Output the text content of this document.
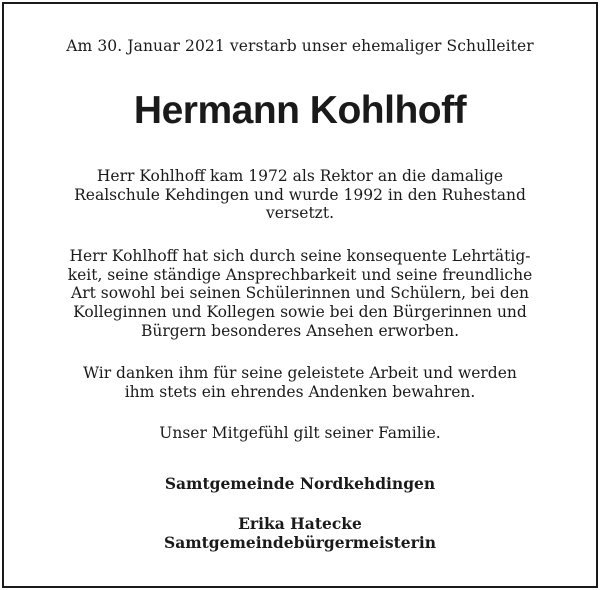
Am 30. Januar 2021 verstarb unser ehemaliger Schulleiter
Hermann Kohlhoff
Herr Kohlhoff kam 1972 als Rektor an die damalige
Realschule Kehdingen und wurde 1992 in den Ruhestand
versetzt.
Herr Kohlhoff hat sich durch seine konsequente Lehrtätig-
keit, seine ständige Ansprechbarkeit und seine freundliche
Art sowohl bei seinen Schülerinnen und Schülern, bei den
Kolleginnen und Kollegen sowie bei den Bürgerinnen und
Bürgern besonderes Ansehen erworben.
Wir danken ihm für seine geleistete Arbeit und werden
ihm stets ein ehrendes Andenken bewahren.
Unser Mitgefühl gilt seiner Familie.
Samtgemeinde Nordkehdingen
Erika Hatecke
Samtgemeindebürgermeisterin
